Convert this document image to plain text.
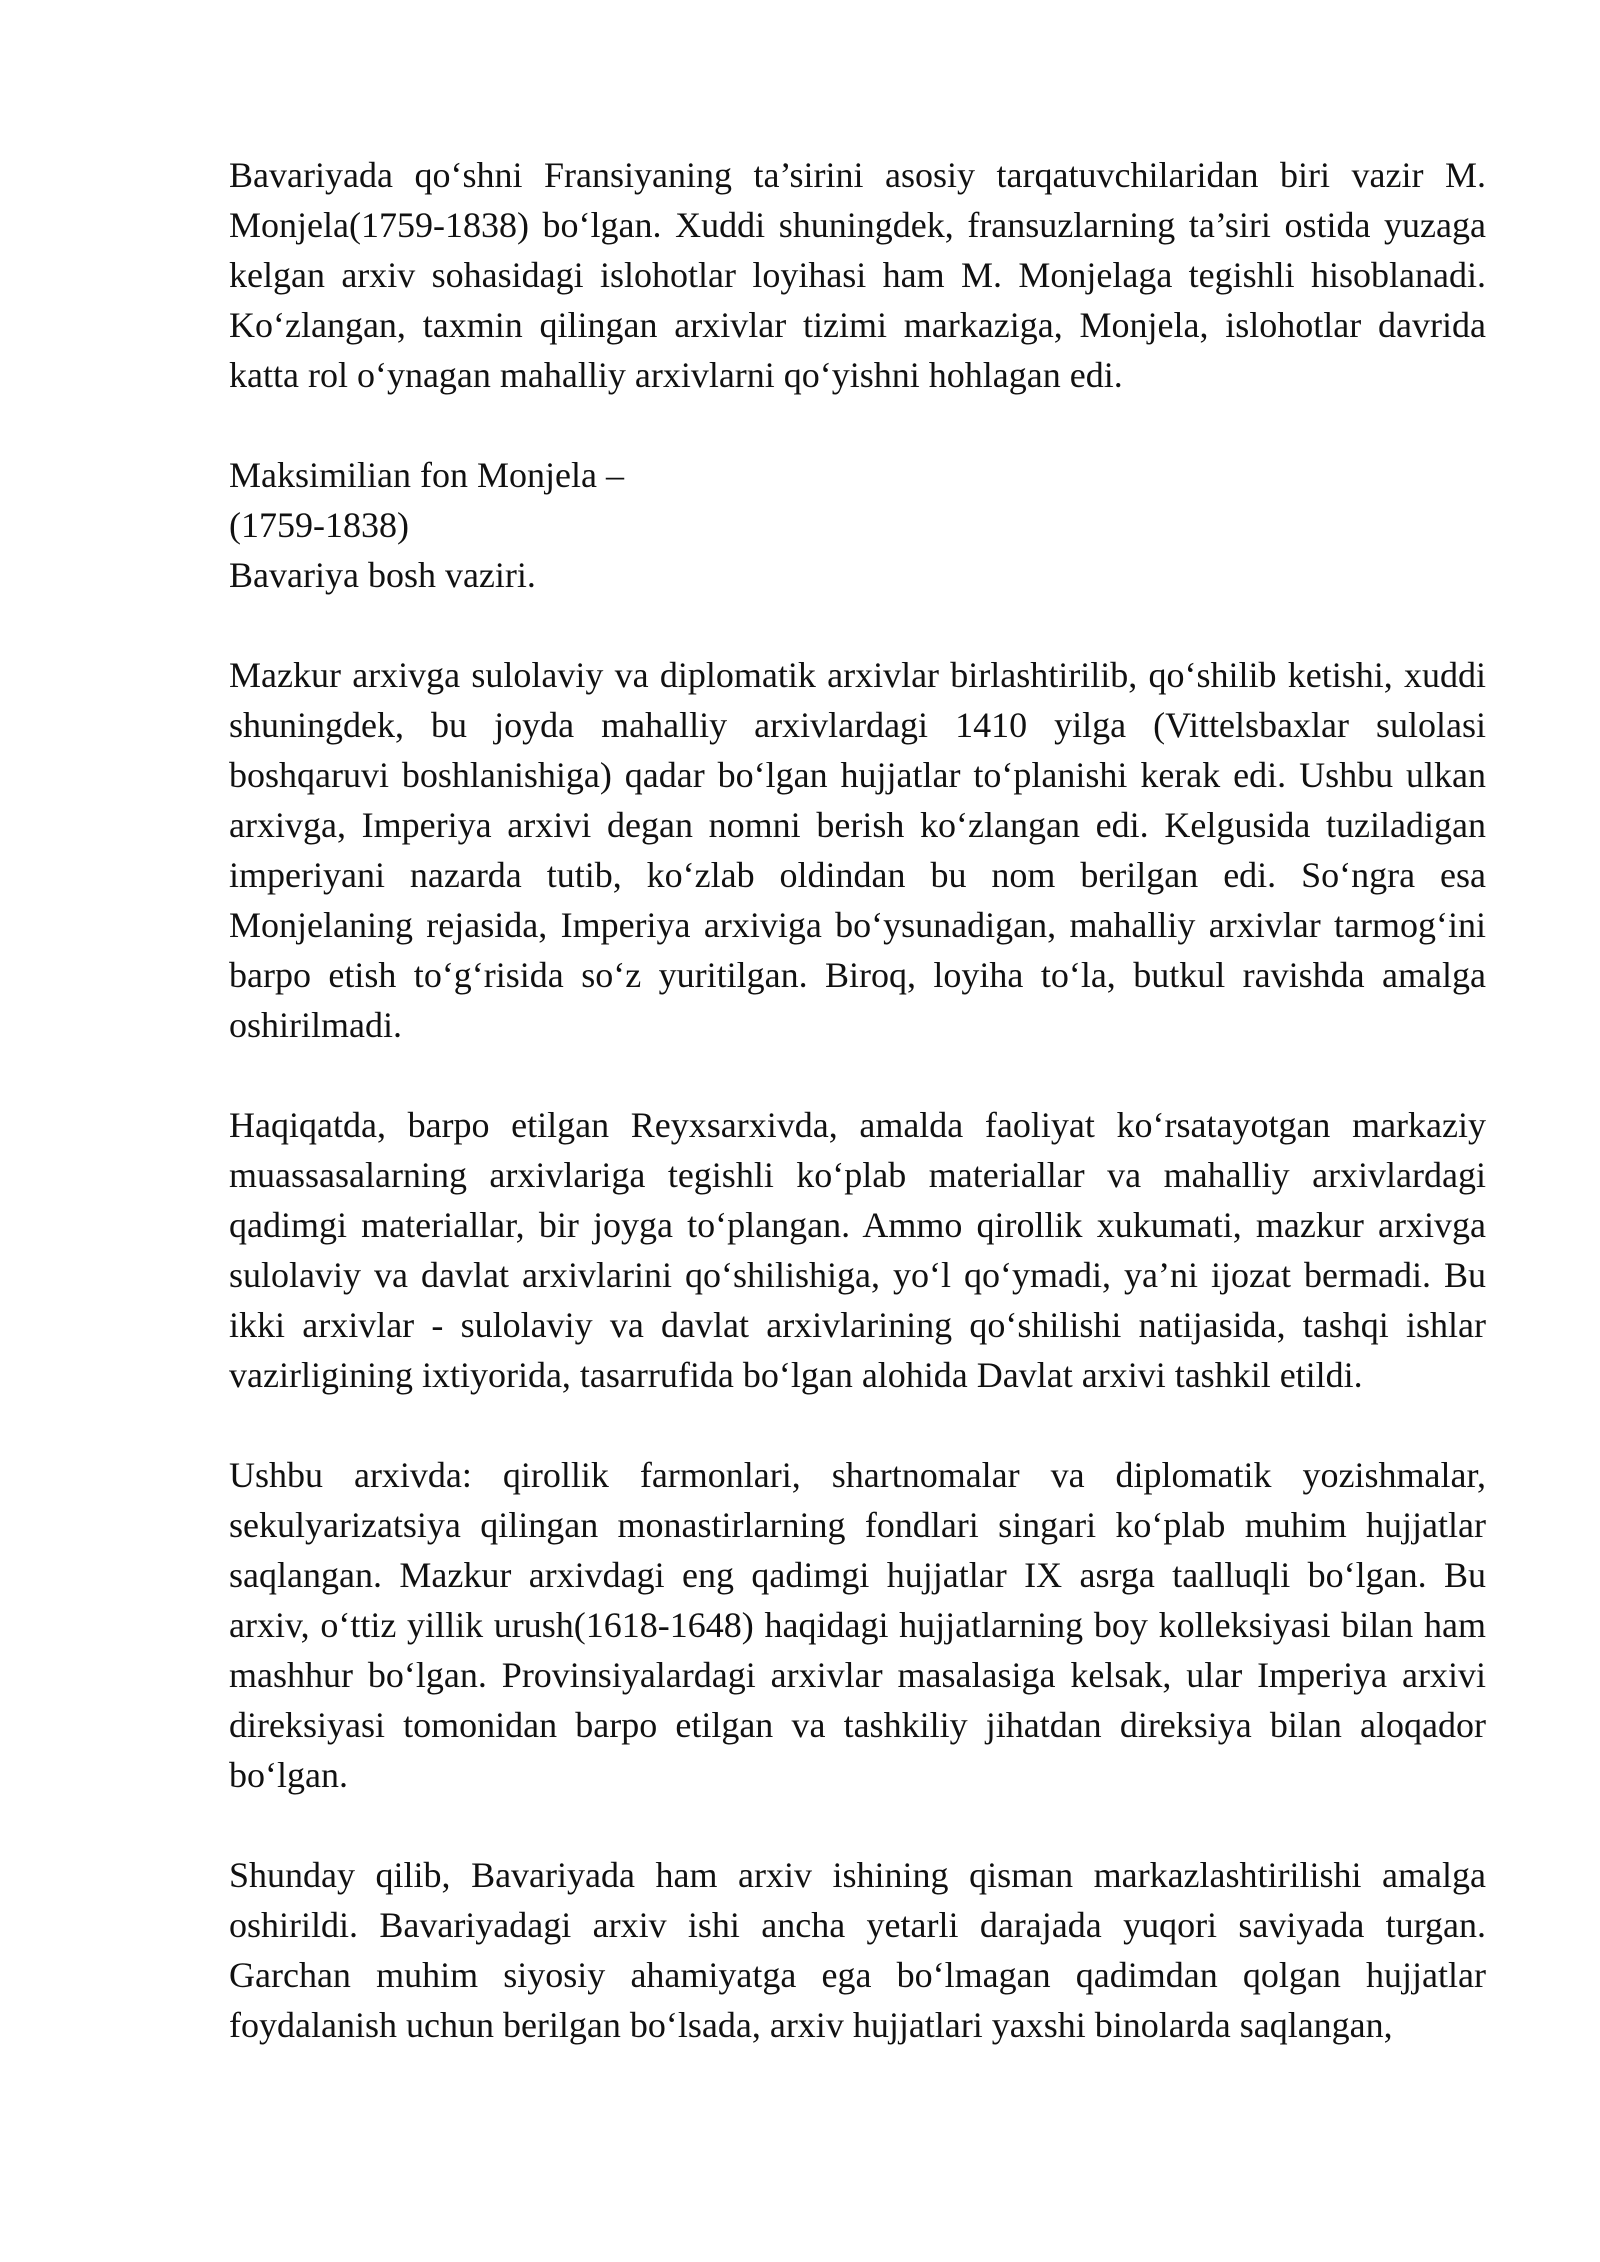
Bavariyada qo‘shni Fransiyaning ta’sirini asosiy tarqatuvchilaridan biri vazir M. Monjela(1759-1838) bo‘lgan. Xuddi shuningdek, fransuzlarning ta’siri ostida yuzaga kelgan arxiv sohasidagi islohotlar loyihasi ham M. Monjelaga tegishli hisoblanadi. Ko‘zlangan, taxmin qilingan arxivlar tizimi markaziga, Monjela, islohotlar davrida katta rol o‘ynagan mahalliy arxivlarni qo‘yishni hohlagan edi.

Maksimilian fon Monjela –
(1759-1838)
Bavariya bosh vaziri.

Mazkur arxivga sulolaviy va diplomatik arxivlar birlashtirilib, qo‘shilib ketishi, xuddi shuningdek, bu joyda mahalliy arxivlardagi 1410 yilga (Vittelsbaxlar sulolasi boshqaruvi boshlanishiga) qadar bo‘lgan hujjatlar to‘planishi kerak edi. Ushbu ulkan arxivga, Imperiya arxivi degan nomni berish ko‘zlangan edi. Kelgusida tuziladigan imperiyani nazarda tutib, ko‘zlab oldindan bu nom berilgan edi. So‘ngra esa Monjelaning rejasida, Imperiya arxiviga bo‘ysunadigan, mahalliy arxivlar tarmog‘ini barpo etish to‘g‘risida so‘z yuritilgan. Biroq, loyiha to‘la, butkul ravishda amalga oshirilmadi.

Haqiqatda, barpo etilgan Reyxsarxivda, amalda faoliyat ko‘rsatayotgan markaziy muassasalarning arxivlariga tegishli ko‘plab materiallar va mahalliy arxivlardagi qadimgi materiallar, bir joyga to‘plangan. Ammo qirollik xukumati, mazkur arxivga sulolaviy va davlat arxivlarini qo‘shilishiga, yo‘l qo‘ymadi, ya’ni ijozat bermadi. Bu ikki arxivlar - sulolaviy va davlat arxivlarining qo‘shilishi natijasida, tashqi ishlar vazirligining ixtiyorida, tasarrufida bo‘lgan alohida Davlat arxivi tashkil etildi.

Ushbu arxivda: qirollik farmonlari, shartnomalar va diplomatik yozishmalar, sekulyarizatsiya qilingan monastirlarning fondlari singari ko‘plab muhim hujjatlar saqlangan. Mazkur arxivdagi eng qadimgi hujjatlar IX asrga taalluqli bo‘lgan. Bu arxiv, o‘ttiz yillik urush(1618-1648) haqidagi hujjatlarning boy kolleksiyasi bilan ham mashhur bo‘lgan. Provinsiyalardagi arxivlar masalasiga kelsak, ular Imperiya arxivi direksiyasi tomonidan barpo etilgan va tashkiliy jihatdan direksiya bilan aloqador bo‘lgan.

Shunday qilib, Bavariyada ham arxiv ishining qisman markazlashtirilishi amalga oshirildi. Bavariyadagi arxiv ishi ancha yetarli darajada yuqori saviyada turgan. Garchan muhim siyosiy ahamiyatga ega bo‘lmagan qadimdan qolgan hujjatlar foydalanish uchun berilgan bo‘lsada, arxiv hujjatlari yaxshi binolarda saqlangan,
